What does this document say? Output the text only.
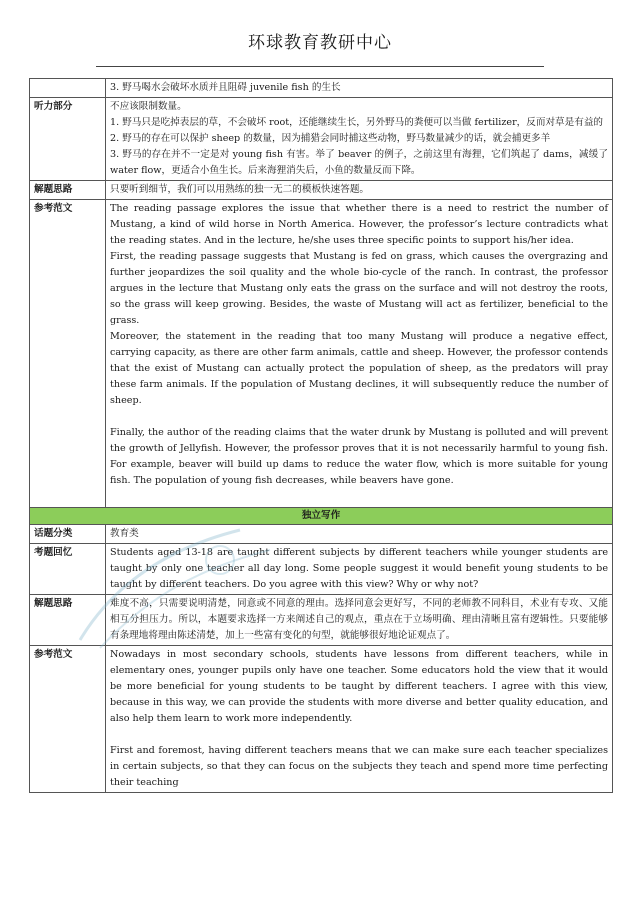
环球教育教研中心

	3. 野马喝水会破坏水质并且阻碍 juvenile fish 的生长

听力部分	不应该限制数量。

1. 野马只是吃掉表层的草，不会破坏 root，还能继续生长，另外野马的粪便可以当做 fertilizer，反而对草是有益的

2. 野马的存在可以保护 sheep 的数量，因为捕猎会同时捕这些动物，野马数量减少的话，就会捕更多羊

3. 野马的存在并不一定是对 young fish 有害。举了 beaver 的例子，之前这里有海狸，它们筑起了 dams，减缓了 water flow，更适合小鱼生长。后来海狸消失后，小鱼的数量反而下降。

解题思路	只要听到细节，我们可以用熟练的独一无二的模板快速答题。
参考范文	The reading passage explores the issue that whether there is a need to restrict the number of Mustang, a kind of wild horse in North America. However, the professor’s lecture contradicts what the reading states. And in the lecture, he/she uses three specific points to support his/her idea.

First, the reading passage suggests that Mustang is fed on grass, which causes the overgrazing and further jeopardizes the soil quality and the whole bio-cycle of the ranch. In contrast, the professor argues in the lecture that Mustang only eats the grass on the surface and will not destroy the roots, so the grass will keep growing. Besides, the waste of Mustang will act as fertilizer, beneficial to the grass.

Moreover, the statement in the reading that too many Mustang will produce a negative effect, carrying capacity, as there are other farm animals, cattle and sheep. However, the professor contends that the exist of Mustang can actually protect the population of sheep, as the predators will pray these farm animals. If the population of Mustang declines, it will subsequently reduce the number of sheep.

Finally, the author of the reading claims that the water drunk by Mustang is polluted and will prevent the growth of Jellyfish. However, the professor proves that it is not necessarily harmful to young fish. For example, beaver will build up dams to reduce the water flow, which is more suitable for young fish. The population of young fish decreases, while beavers have gone.

独立写作	
话题分类	教育类
考题回忆	Students aged 13-18 are taught different subjects by different teachers while younger students are taught by only one teacher all day long. Some people suggest it would benefit young students to be taught by different teachers. Do you agree with this view? Why or why not?
解题思路	难度不高，只需要说明清楚，同意或不同意的理由。选择同意会更好写，不同的老师教不同科目，术业有专攻、又能相互分担压力。所以，本题要求选择一方来阐述自己的观点，重点在于立场明确、理由清晰且富有逻辑性。只要能够有条理地将理由陈述清楚，加上一些富有变化的句型，就能够很好地论证观点了。
参考范文	Nowadays in most secondary schools, students have lessons from different teachers, while in elementary ones, younger pupils only have one teacher. Some educators hold the view that it would be more beneficial for young students to be taught by different teachers. I agree with this view, because in this way, we can provide the students with more diverse and better quality education, and also help them learn to work more independently.

First and foremost, having different teachers means that we can make sure each teacher specializes in certain subjects, so that they can focus on the subjects they teach and spend more time perfecting their teaching
